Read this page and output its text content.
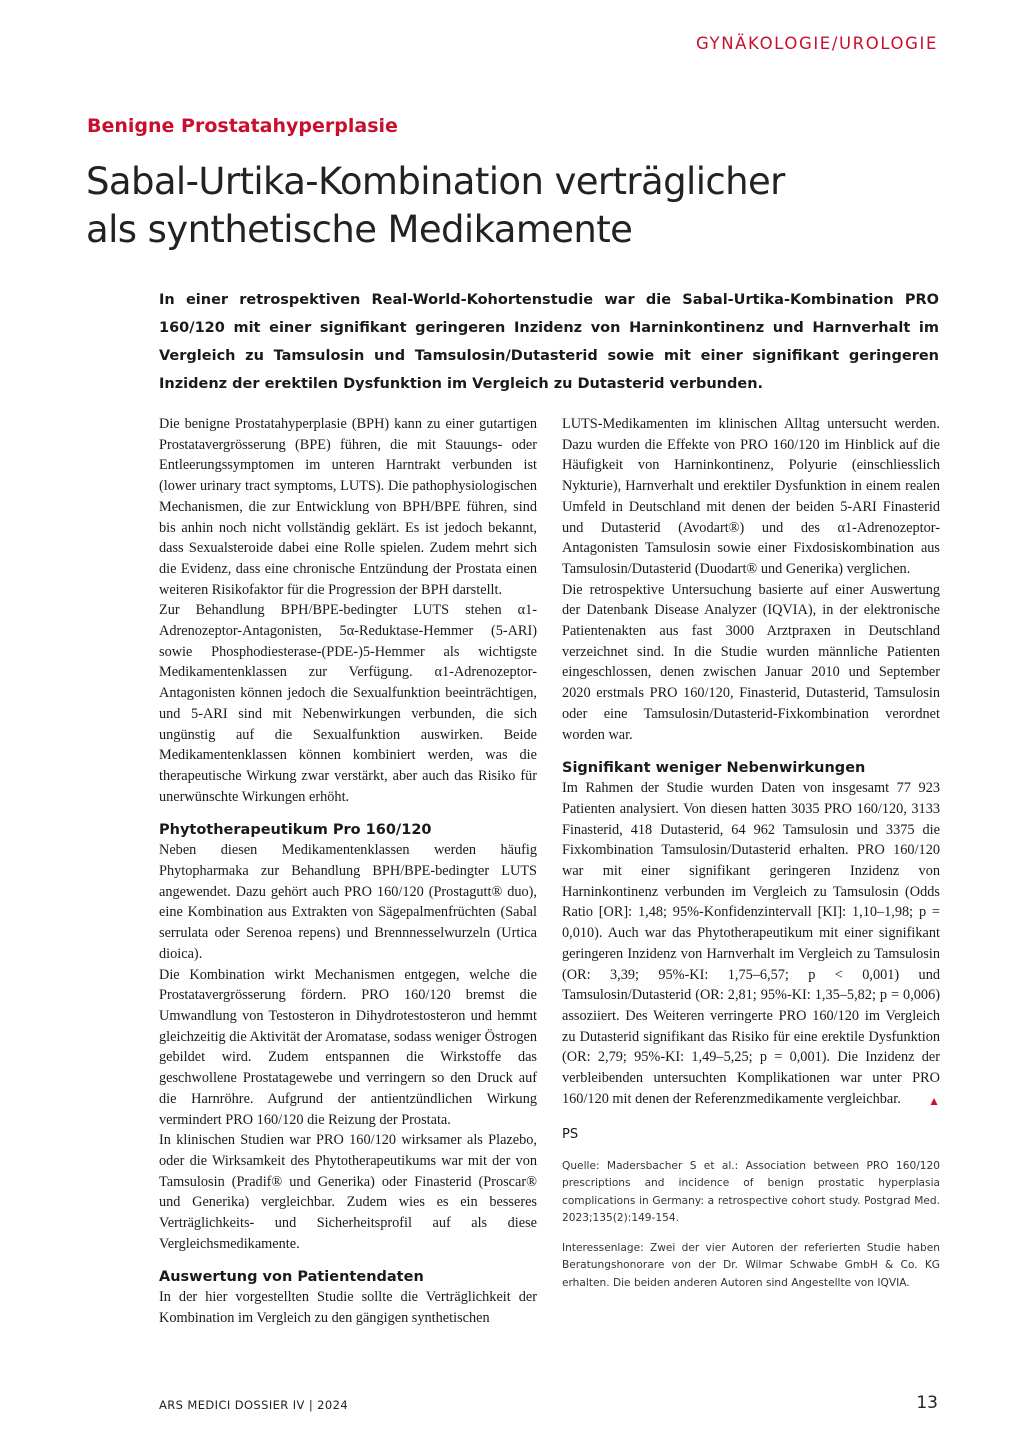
GYNÄKOLOGIE/UROLOGIE
Benigne Prostatahyperplasie
Sabal-Urtika-Kombination verträglicher
als synthetische Medikamente

In einer retrospektiven Real-World-Kohortenstudie war die Sabal-Urtika-Kombination PRO 160/120 mit einer signifikant geringeren Inzidenz von Harninkontinenz und Harnverhalt im Vergleich zu Tamsulosin und Tamsulosin/Dutasterid sowie mit einer signifikant geringeren Inzidenz der erektilen Dysfunktion im Vergleich zu Dutasterid verbunden.

Die benigne Prostatahyperplasie (BPH) kann zu einer gutartigen Prostatavergrösserung (BPE) führen, die mit Stauungs- oder Entleerungssymptomen im unteren Harntrakt verbunden ist (lower urinary tract symptoms, LUTS). Die pathophysiologischen Mechanismen, die zur Entwicklung von BPH/BPE führen, sind bis anhin noch nicht vollständig geklärt. Es ist jedoch bekannt, dass Sexualsteroide dabei eine Rolle spielen. Zudem mehrt sich die Evidenz, dass eine chronische Entzündung der Prostata einen weiteren Risikofaktor für die Progression der BPH darstellt.

Zur Behandlung BPH/BPE-bedingter LUTS stehen α1-Adrenozeptor-Antagonisten, 5α-Reduktase-Hemmer (5-ARI) sowie Phosphodiesterase-(PDE-)5-Hemmer als wichtigste Medikamentenklassen zur Verfügung. α1-Adrenozeptor-Antagonisten können jedoch die Sexualfunktion beeinträchtigen, und 5-ARI sind mit Nebenwirkungen verbunden, die sich ungünstig auf die Sexualfunktion auswirken. Beide Medikamentenklassen können kombiniert werden, was die therapeutische Wirkung zwar verstärkt, aber auch das Risiko für unerwünschte Wirkungen erhöht.

Phytotherapeutikum Pro 160/120

Neben diesen Medikamentenklassen werden häufig Phytopharmaka zur Behandlung BPH/BPE-bedingter LUTS angewendet. Dazu gehört auch PRO 160/120 (Prostagutt® duo), eine Kombination aus Extrakten von Sägepalmenfrüchten (Sabal serrulata oder Serenoa repens) und Brennnesselwurzeln (Urtica dioica).

Die Kombination wirkt Mechanismen entgegen, welche die Prostatavergrösserung fördern. PRO 160/120 bremst die Umwandlung von Testosteron in Dihydrotestosteron und hemmt gleichzeitig die Aktivität der Aromatase, sodass weniger Östrogen gebildet wird. Zudem entspannen die Wirkstoffe das geschwollene Prostatagewebe und verringern so den Druck auf die Harnröhre. Aufgrund der antientzündlichen Wirkung vermindert PRO 160/120 die Reizung der Prostata.

In klinischen Studien war PRO 160/120 wirksamer als Plazebo, oder die Wirksamkeit des Phytotherapeutikums war mit der von Tamsulosin (Pradif® und Generika) oder Finasterid (Proscar® und Generika) vergleichbar. Zudem wies es ein besseres Verträglichkeits- und Sicherheitsprofil auf als diese Vergleichsmedikamente.

Auswertung von Patientendaten

In der hier vorgestellten Studie sollte die Verträglichkeit der Kombination im Vergleich zu den gängigen synthetischen

LUTS-Medikamenten im klinischen Alltag untersucht werden. Dazu wurden die Effekte von PRO 160/120 im Hinblick auf die Häufigkeit von Harninkontinenz, Polyurie (einschliesslich Nykturie), Harnverhalt und erektiler Dysfunktion in einem realen Umfeld in Deutschland mit denen der beiden 5-ARI Finasterid und Dutasterid (Avodart®) und des α1-Adrenozeptor-Antagonisten Tamsulosin sowie einer Fixdosiskombination aus Tamsulosin/Dutasterid (Duodart® und Generika) verglichen.

Die retrospektive Untersuchung basierte auf einer Auswertung der Datenbank Disease Analyzer (IQVIA), in der elektronische Patientenakten aus fast 3000 Arztpraxen in Deutschland verzeichnet sind. In die Studie wurden männliche Patienten eingeschlossen, denen zwischen Januar 2010 und September 2020 erstmals PRO 160/120, Finasterid, Dutasterid, Tamsulosin oder eine Tamsulosin/Dutasterid-Fixkombination verordnet worden war.

Signifikant weniger Nebenwirkungen

Im Rahmen der Studie wurden Daten von insgesamt 77 923 Patienten analysiert. Von diesen hatten 3035 PRO 160/120, 3133 Finasterid, 418 Dutasterid, 64 962 Tamsulosin und 3375 die Fixkombination Tamsulosin/Dutasterid erhalten. PRO 160/120 war mit einer signifikant geringeren Inzidenz von Harninkontinenz verbunden im Vergleich zu Tamsulosin (Odds Ratio [OR]: 1,48; 95%-Konfidenzintervall [KI]: 1,10–1,98; p = 0,010). Auch war das Phytotherapeutikum mit einer signifikant geringeren Inzidenz von Harnverhalt im Vergleich zu Tamsulosin (OR: 3,39; 95%-KI: 1,75–6,57; p < 0,001) und Tamsulosin/Dutasterid (OR: 2,81; 95%-KI: 1,35–5,82; p = 0,006) assoziiert. Des Weiteren verringerte PRO 160/120 im Vergleich zu Dutasterid signifikant das Risiko für eine erektile Dysfunktion (OR: 2,79; 95%-KI: 1,49–5,25; p = 0,001). Die Inzidenz der verbleibenden untersuchten Komplikationen war unter PRO 160/120 mit denen der Referenzmedikamente vergleichbar. ▲

PS

Quelle: Madersbacher S et al.: Association between PRO 160/120 prescriptions and incidence of benign prostatic hyperplasia complications in Germany: a retrospective cohort study. Postgrad Med. 2023;135(2):149-154.

Interessenlage: Zwei der vier Autoren der referierten Studie haben Beratungshonorare von der Dr. Wilmar Schwabe GmbH & Co. KG erhalten. Die beiden anderen Autoren sind Angestellte von IQVIA.

ARS MEDICI DOSSIER IV | 2024	13
